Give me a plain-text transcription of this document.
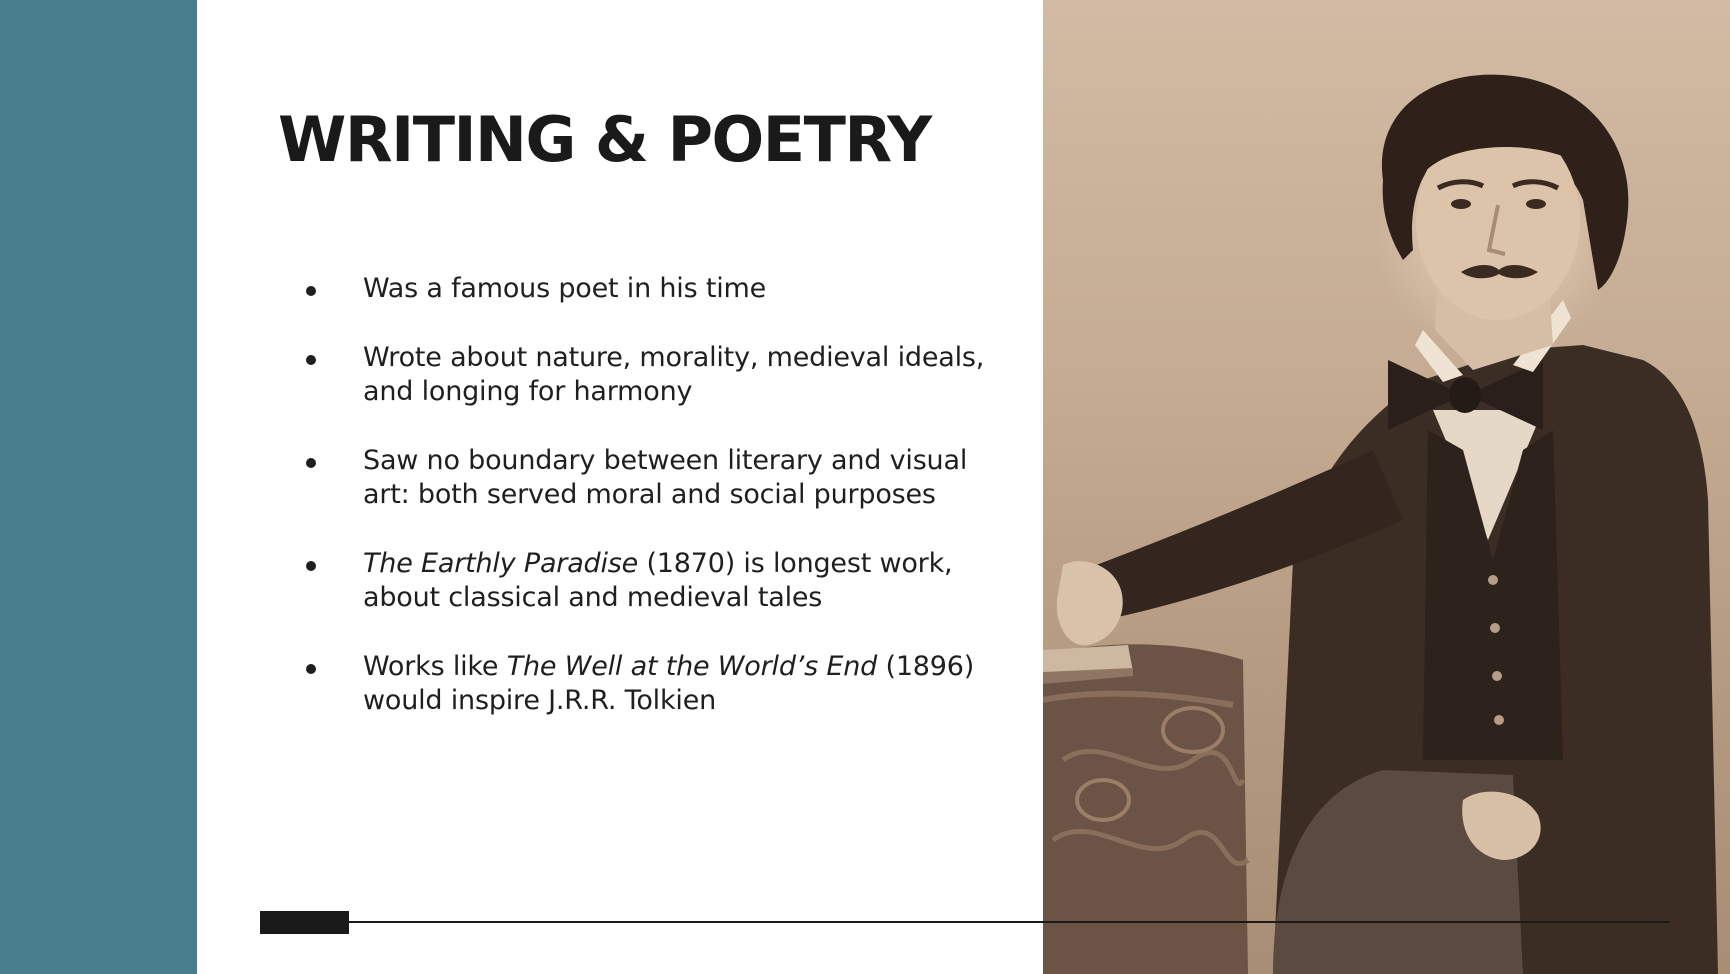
WRITING & POETRY
Was a famous poet in his time
Wrote about nature, morality, medieval ideals, and longing for harmony
Saw no boundary between literary and visual art: both served moral and social purposes
The Earthly Paradise (1870) is longest work, about classical and medieval tales
Works like The Well at the World’s End (1896) would inspire J.R.R. Tolkien
